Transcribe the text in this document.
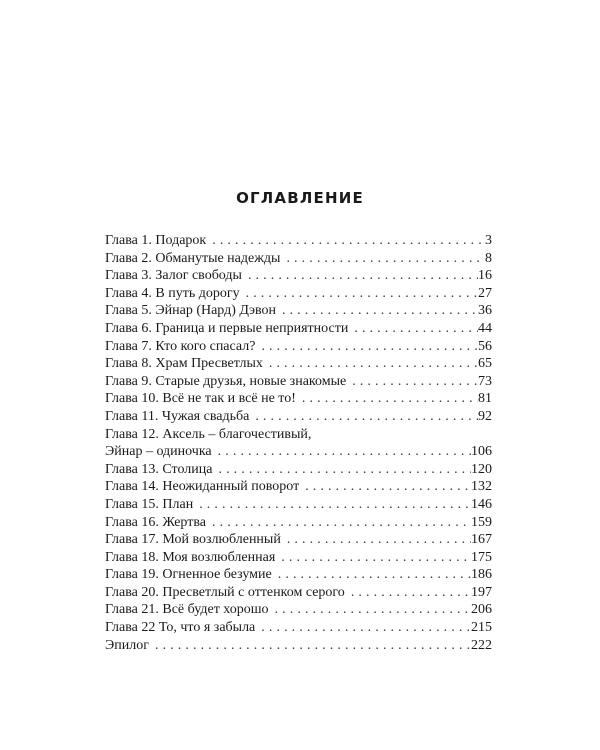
ОГЛАВЛЕНИЕ
Глава 1. Подарок . . .	3
Глава 2. Обманутые надежды . . .	8
Глава 3. Залог свободы . . .	16
Глава 4. В путь дорогу . . .	27
Глава 5. Эйнар (Нард) Дэвон . . .	36
Глава 6. Граница и первые неприятности . . .	44
Глава 7. Кто кого спасал? . . .	56
Глава 8. Храм Пресветлых . . .	65
Глава 9. Старые друзья, новые знакомые . . .	73
Глава 10. Всё не так и всё не то! . . .	81
Глава 11. Чужая свадьба . . .	92
Глава 12. Аксель – благочестивый,
Эйнар – одиночка . . .	106
Глава 13. Столица . . .	120
Глава 14. Неожиданный поворот . . .	132
Глава 15. План . . .	146
Глава 16. Жертва . . .	159
Глава 17. Мой возлюбленный . . .	167
Глава 18. Моя возлюбленная . . .	175
Глава 19. Огненное безумие . . .	186
Глава 20. Пресветлый с оттенком серого . . .	197
Глава 21. Всё будет хорошо . . .	206
Глава 22 То, что я забыла . . .	215
Эпилог . . .	222
